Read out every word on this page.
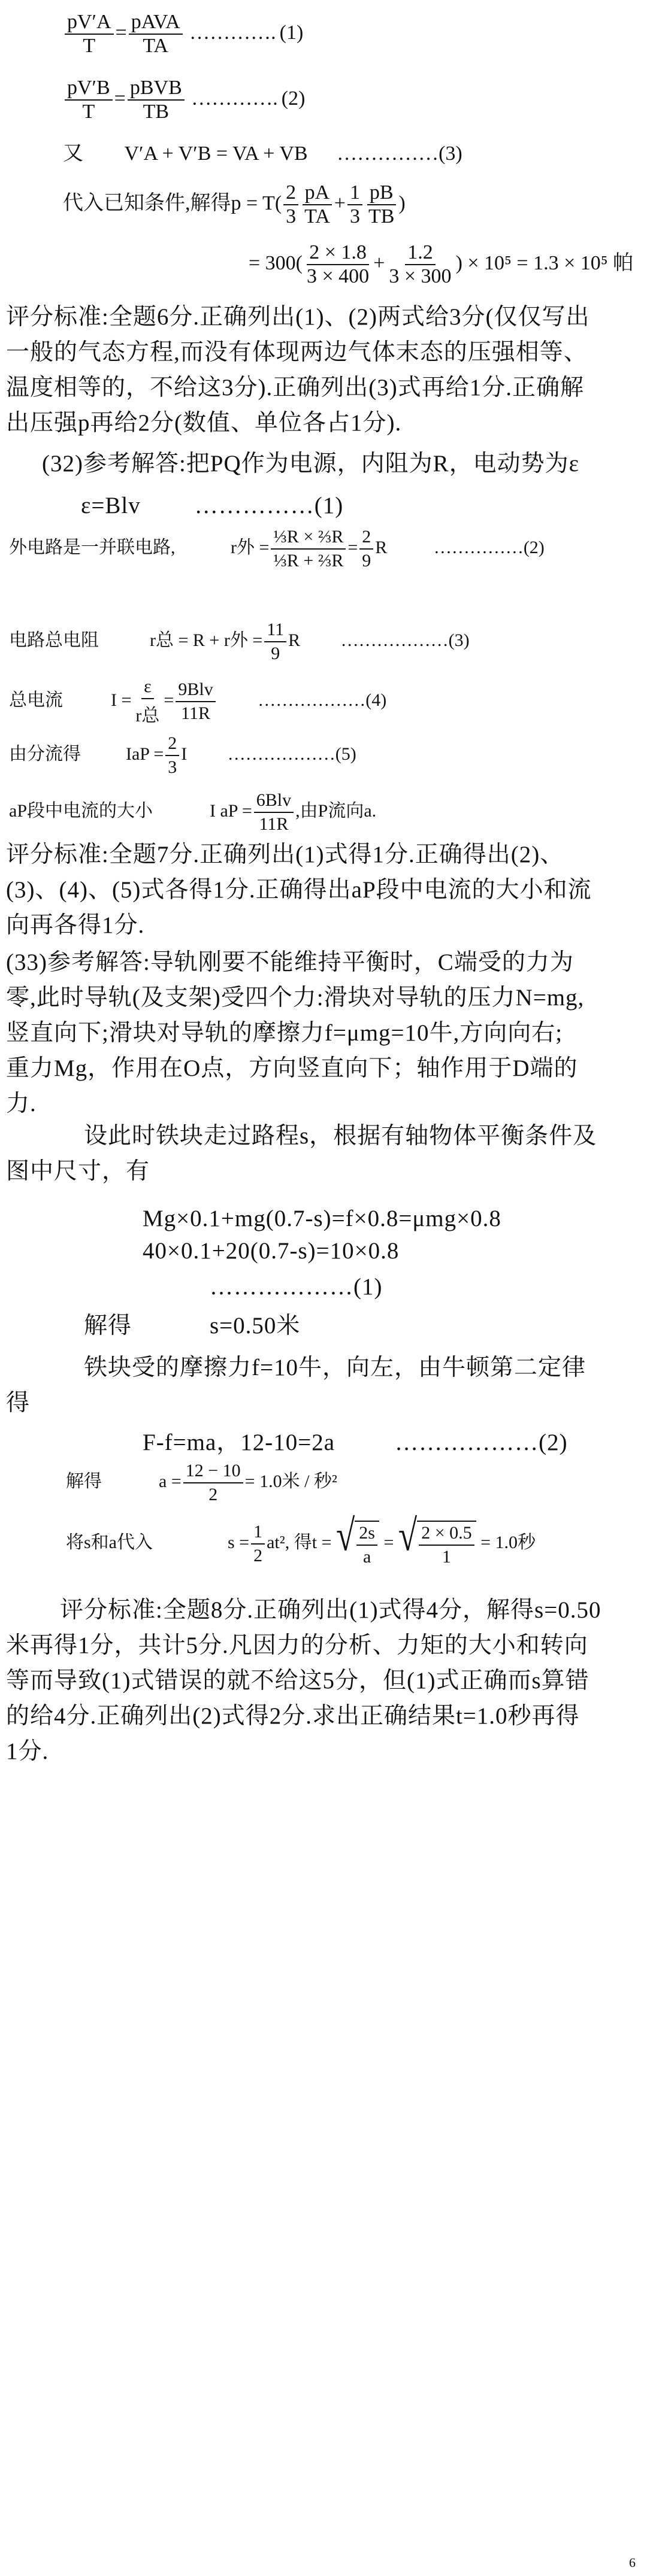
$\frac{pV'A}{T} = \frac{\text{pAVA}}{TA}$ …………. (1)
$\frac{pV'B}{T} = \frac{\text{pBVB}}{TB}$ …………. (2)
又 V′A + V′B = VA + VB ……………(3)
代入已知条件,解得$p = T( \frac{2}{3} \frac{pA}{TA} + \frac{1}{3} \frac{pB}{TB}$ )
= $300( \frac{2 \times 1.8}{3 \times 400} + \frac{1.2}{3 \times 300}$ ) × 10⁵ = 1.3 × 10⁵ 帕
评分标准:全题6分.正确列出(1)、(2)两式给3分(仅仅写出
一般的气态方程,而没有体现两边气体末态的压强相等、
温度相等的，不给这3分).正确列出(3)式再给1分.正确解
出压强p再给2分(数值、单位各占1分).
(32)参考解答:把PQ作为电源，内阻为R，电动势为ε
ε=Blv ……………(1)
外电路是一并联电路,	r外 = $\frac{\text{⅓R × ⅔R}}{\text{⅓R + ⅔R}} = \frac{2}{9}$ R	……………(2)
电路总电阻	r总 = R + r外 = $\frac{11}{9}$ R ………………(3)
总电流	$I = \frac{\varepsilon}{\text{r总}} = \frac{\text{9Blv}}{11R}$ ………………(4)
由分流得	IaP = $\frac{2}{3}$ I ………………(5)
aP段中电流的大小	I aP = $\frac{\text{6Blv}}{11R}$ ,由P流向a.
评分标准:全题7分.正确列出(1)式得1分.正确得出(2)、
(3)、(4)、(5)式各得1分.正确得出aP段中电流的大小和流
向再各得1分.
(33)参考解答:导轨刚要不能维持平衡时，C端受的力为
零,此时导轨(及支架)受四个力:滑块对导轨的压力N=mg,
竖直向下;滑块对导轨的摩擦力f=μmg=10牛,方向向右;
重力Mg，作用在O点，方向竖直向下；轴作用于D端的
力.
设此时铁块走过路程s，根据有轴物体平衡条件及
图中尺寸，有
Mg×0.1+mg(0.7-s)=f×0.8=μmg×0.8
40×0.1+20(0.7-s)=10×0.8
………………(1)
解得	s=0.50米
铁块受的摩擦力f=10牛，向左，由牛顿第二定律
得
F-f=ma，12-10=2a	………………(2)
解得	$a = \frac{12 - 10}{2} = 1.0$米 / 秒²
将s和a代入	$s = \frac{1}{2} at^2$, 得t = √ $\frac{2s}{a}$ = √ $\frac{2 \times 0.5}{1} = 1.0$秒
评分标准:全题8分.正确列出(1)式得4分，解得s=0.50
米再得1分，共计5分.凡因力的分析、力矩的大小和转向
等而导致(1)式错误的就不给这5分，但(1)式正确而s算错
的给4分.正确列出(2)式得2分.求出正确结果t=1.0秒再得
1分.
6
